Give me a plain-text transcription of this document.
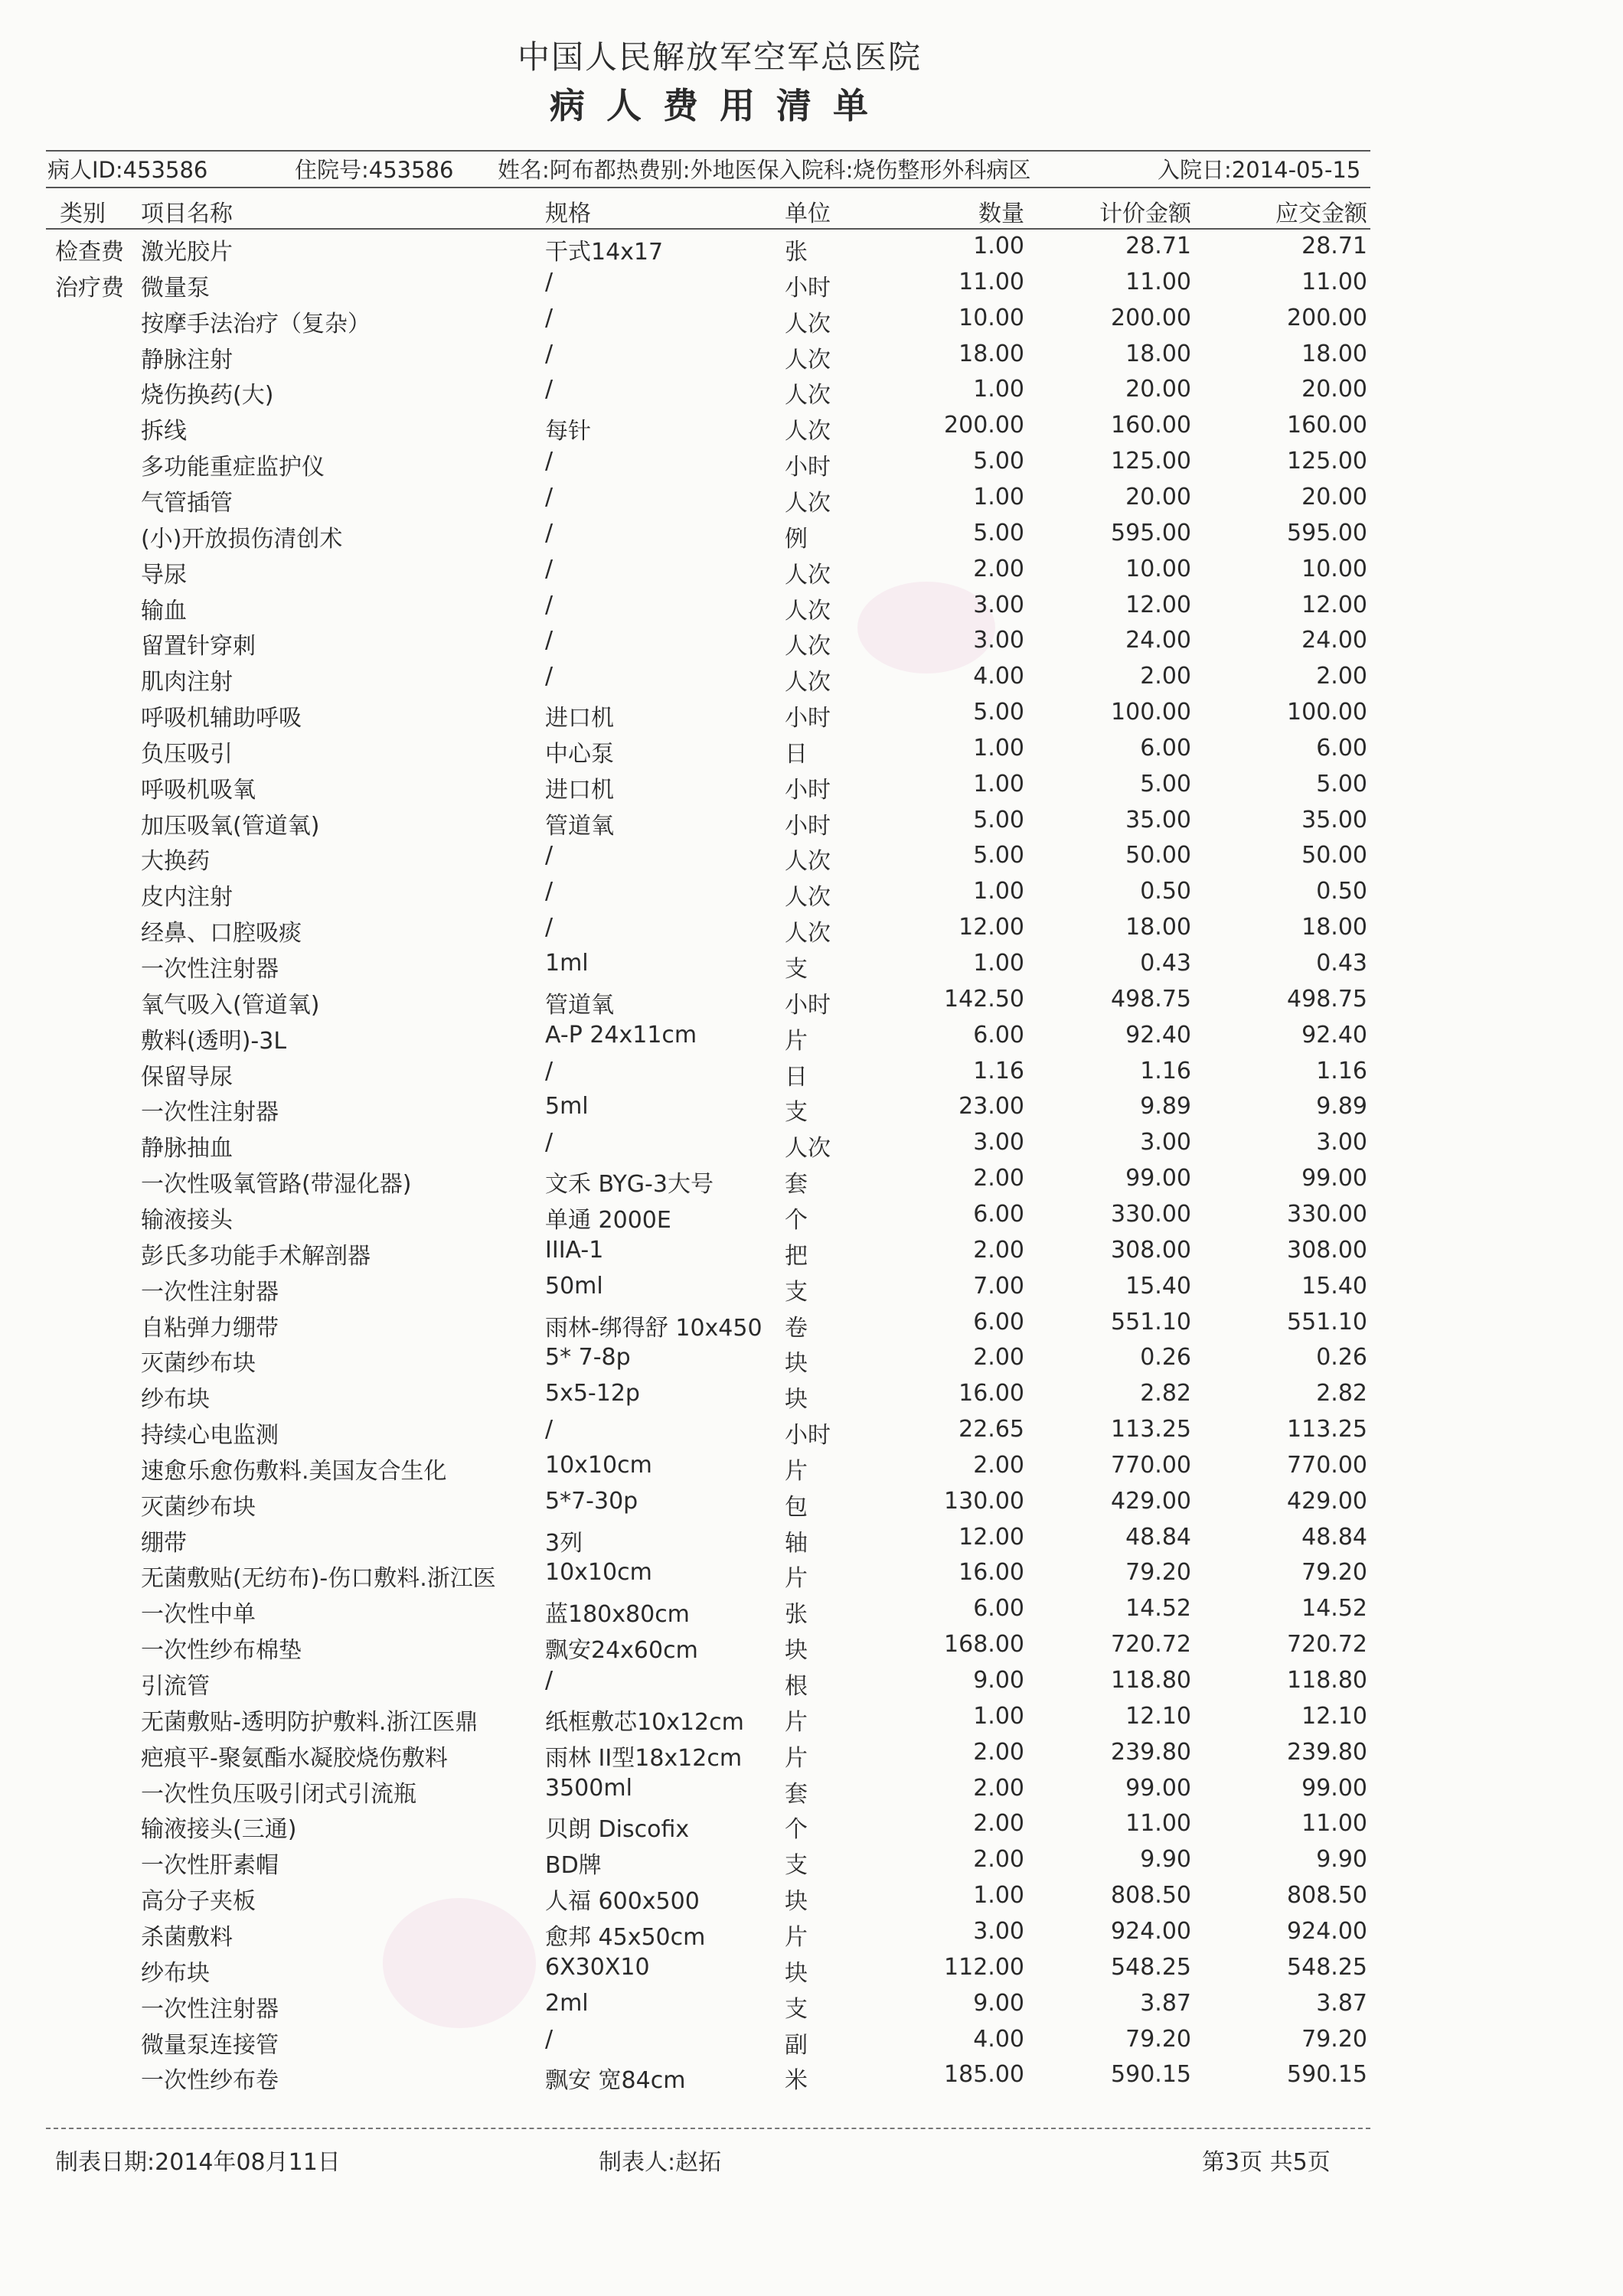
中国人民解放军空军总医院
病人费用清单
病人ID:453586	住院号:453586 姓名:阿布都热费别:外地医保入院科:烧伤整形外科病区	入院日:2014-05-15
类别 项目名称	规格	单位	数量	计价金额	应交金额
检查费 激光胶片	干式14x17	张	1.00	28.71	28.71
治疗费 微量泵	/	小时	11.00	11.00	11.00
按摩手法治疗（复杂）	/	人次	10.00	200.00	200.00
静脉注射	/	人次	18.00	18.00	18.00
烧伤换药(大)	/	人次	1.00	20.00	20.00
拆线	每针	人次	200.00	160.00	160.00
多功能重症监护仪	/	小时	5.00	125.00	125.00
气管插管	/	人次	1.00	20.00	20.00
(小)开放损伤清创术	/	例	5.00	595.00	595.00
导尿	/	人次	2.00	10.00	10.00
输血	/	人次	3.00	12.00	12.00
留置针穿刺	/	人次	3.00	24.00	24.00
肌肉注射	/	人次	4.00	2.00	2.00
呼吸机辅助呼吸	进口机	小时	5.00	100.00	100.00
负压吸引	中心泵	日	1.00	6.00	6.00
呼吸机吸氧	进口机	小时	1.00	5.00	5.00
加压吸氧(管道氧)	管道氧	小时	5.00	35.00	35.00
大换药	/	人次	5.00	50.00	50.00
皮内注射	/	人次	1.00	0.50	0.50
经鼻、口腔吸痰	/	人次	12.00	18.00	18.00
一次性注射器	1ml	支	1.00	0.43	0.43
氧气吸入(管道氧)	管道氧	小时	142.50	498.75	498.75
敷料(透明)-3L	A-P 24x11cm	片	6.00	92.40	92.40
保留导尿	/	日	1.16	1.16	1.16
一次性注射器	5ml	支	23.00	9.89	9.89
静脉抽血	/	人次	3.00	3.00	3.00
一次性吸氧管路(带湿化器)	文禾 BYG-3大号	套	2.00	99.00	99.00
输液接头	单通 2000E	个	6.00	330.00	330.00
彭氏多功能手术解剖器	IIIA-1	把	2.00	308.00	308.00
一次性注射器	50ml	支	7.00	15.40	15.40
自粘弹力绷带	雨林-绑得舒 10x450 卷	6.00	551.10	551.10
灭菌纱布块	5* 7-8p	块	2.00	0.26	0.26
纱布块	5x5-12p	块	16.00	2.82	2.82
持续心电监测	/	小时	22.65	113.25	113.25
速愈乐愈伤敷料.美国友合生化	10x10cm	片	2.00	770.00	770.00
灭菌纱布块	5*7-30p	包	130.00	429.00	429.00
绷带	3列	轴	12.00	48.84	48.84
无菌敷贴(无纺布)-伤口敷料.浙江医 10x10cm	片	16.00	79.20	79.20
一次性中单	蓝180x80cm	张	6.00	14.52	14.52
一次性纱布棉垫	飘安24x60cm	块	168.00	720.72	720.72
引流管	/	根	9.00	118.80	118.80
无菌敷贴-透明防护敷料.浙江医鼎	纸框敷芯10x12cm 片	1.00	12.10	12.10
疤痕平-聚氨酯水凝胶烧伤敷料	雨林 II型18x12cm 片	2.00	239.80	239.80
一次性负压吸引闭式引流瓶	3500ml	套	2.00	99.00	99.00
输液接头(三通)	贝朗 Discofix	个	2.00	11.00	11.00
一次性肝素帽	BD牌	支	2.00	9.90	9.90
高分子夹板	人福 600x500	块	1.00	808.50	808.50
杀菌敷料	愈邦 45x50cm	片	3.00	924.00	924.00
纱布块	6X30X10	块	112.00	548.25	548.25
一次性注射器	2ml	支	9.00	3.87	3.87
微量泵连接管	/	副	4.00	79.20	79.20
一次性纱布卷	飘安 宽84cm	米	185.00	590.15	590.15
制表日期:2014年08月11日	制表人:赵拓	第3页 共5页
